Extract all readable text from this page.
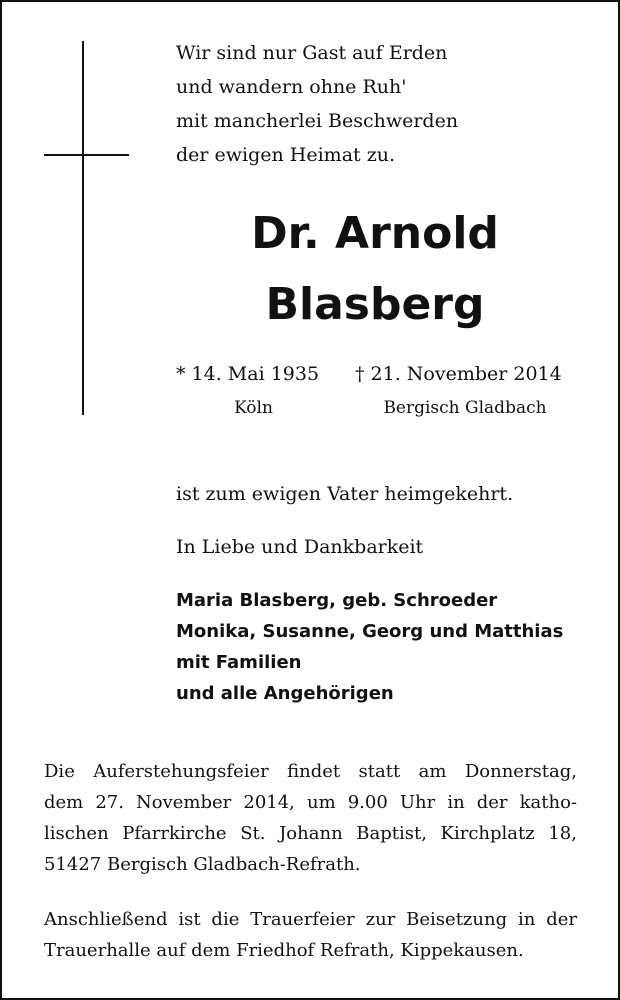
Wir sind nur Gast auf Erden
und wandern ohne Ruh'
mit mancherlei Beschwerden
der ewigen Heimat zu.
Dr. Arnold
Blasberg
* 14. Mai 1935 † 21. November 2014
Köln	Bergisch Gladbach
ist zum ewigen Vater heimgekehrt.
In Liebe und Dankbarkeit
Maria Blasberg, geb. Schroeder
Monika, Susanne, Georg und Matthias
mit Familien
und alle Angehörigen
Die Auferstehungsfeier findet statt am Donnerstag,
dem 27. November 2014, um 9.00 Uhr in der katho-
lischen Pfarrkirche St. Johann Baptist, Kirchplatz 18,
51427 Bergisch Gladbach-Refrath.
Anschließend ist die Trauerfeier zur Beisetzung in der
Trauerhalle auf dem Friedhof Refrath, Kippekausen.
